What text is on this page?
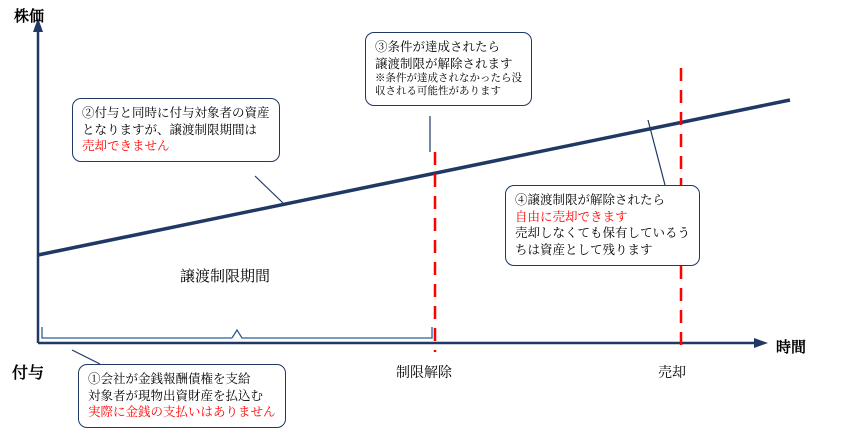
株価
時間
付与	制限解除	売却
譲渡制限期間
②付与と同時に付与対象者の資産
となりますが、譲渡制限期間は
売却できません
③条件が達成されたら
譲渡制限が解除されます
※条件が達成されなかったら没
収される可能性があります
④譲渡制限が解除されたら
自由に売却できます
売却しなくても保有しているう
ちは資産として残ります
①会社が金銭報酬債権を支給
対象者が現物出資財産を払込む
実際に金銭の支払いはありません
